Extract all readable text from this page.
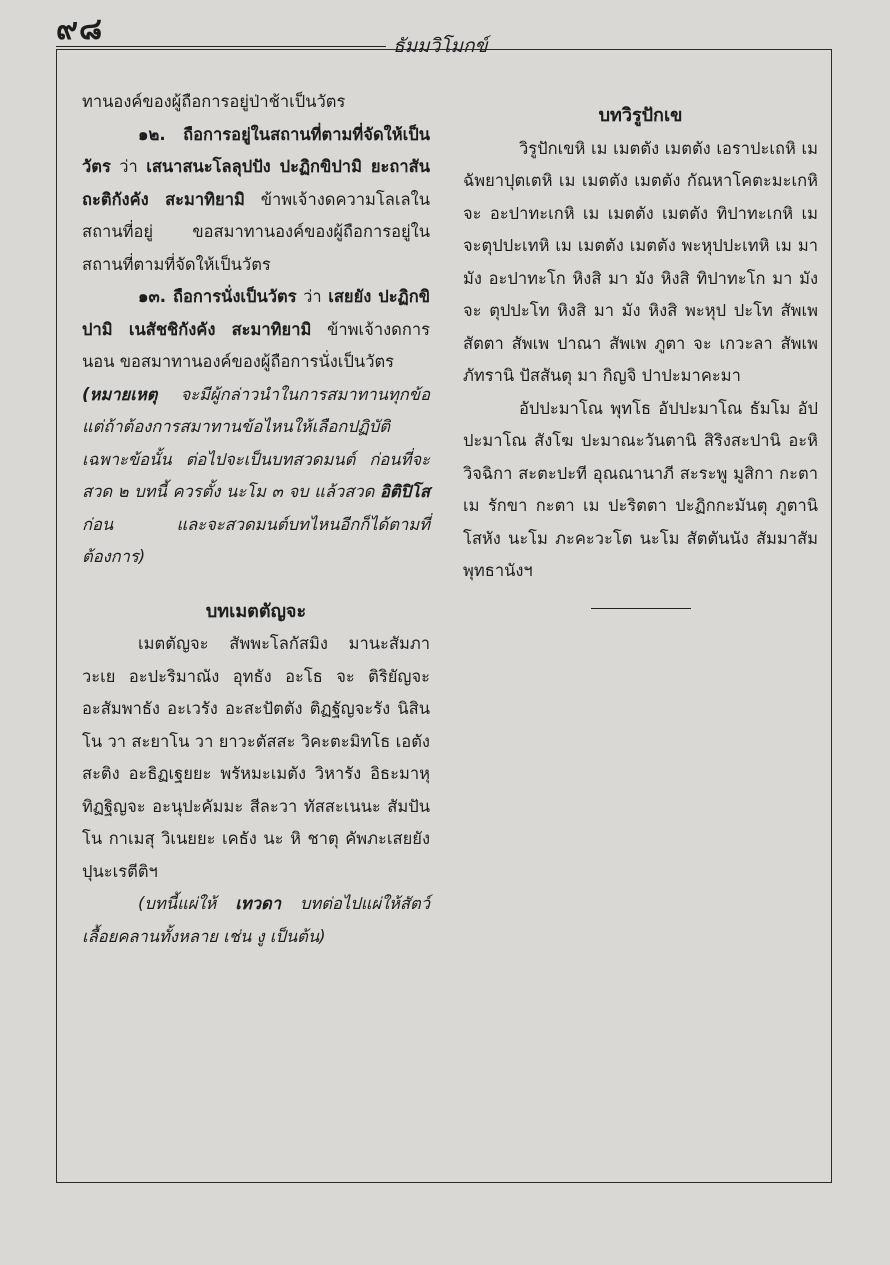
๙๘	ธัมมวิโมกข์

ทานองค์ของผู้ถือการอยู่ป่าช้าเป็นวัตร

๑๒. ถือการอยู่ในสถานที่ตามที่จัดให้เป็นวัตร ว่า เสนาสนะโลลุปปัง ปะฏิกขิปามิ ยะถาสันถะติกังคัง สะมาทิยามิ ข้าพเจ้างดความโลเลในสถานที่อยู่ ขอสมาทานองค์ของผู้ถือการอยู่ในสถานที่ตามที่จัดให้เป็นวัตร

๑๓. ถือการนั่งเป็นวัตร ว่า เสยยัง ปะฏิกขิปามิ เนสัชชิกังคัง สะมาทิยามิ ข้าพเจ้างดการนอน ขอสมาทานองค์ของผู้ถือการนั่งเป็นวัตร

(หมายเหตุ จะมีผู้กล่าวนำในการสมาทานทุกข้อ แต่ถ้าต้องการสมาทานข้อไหนให้เลือกปฏิบัติเฉพาะข้อนั้น ต่อไปจะเป็นบทสวดมนต์ ก่อนที่จะสวด ๒ บทนี้ ควรตั้ง นะโม ๓ จบ แล้วสวด อิติปิโส ก่อน และจะสวดมนต์บทไหนอีกก็ได้ตามที่ต้องการ)

บทเมตตัญจะ

เมตตัญจะ สัพพะโลกัสมิง มานะสัมภาวะเย อะปะริมาณัง อุทธัง อะโธ จะ ติริยัญจะ อะสัมพาธัง อะเวรัง อะสะปัตตัง ติฏฐัญจะรัง นิสินโน วา สะยาโน วา ยาวะตัสสะ วิคะตะมิทโธ เอตัง สะติง อะธิฏเฐยยะ พรัหมะเมตัง วิหารัง อิธะมาหุ ทิฏฐิญจะ อะนุปะคัมมะ สีละวา ทัสสะเนนะ สัมปันโน กาเมสุ วิเนยยะ เคธัง นะ หิ ชาตุ คัพภะเสยยัง ปุนะเรตีติฯ

(บทนี้แผ่ให้ เทวดา บทต่อไปแผ่ให้สัตว์เลื้อยคลานทั้งหลาย เช่น งู เป็นต้น)

บทวิรูปักเข

วิรูปักเขหิ เม เมตตัง เมตตัง เอราปะเถหิ เม ฉัพยาปุตเตหิ เม เมตตัง เมตตัง กัณหาโคตะมะเกหิ จะ อะปาทะเกหิ เม เมตตัง เมตตัง ทิปาทะเกหิ เม จะตุปปะเทหิ เม เมตตัง เมตตัง พะหุปปะเทหิ เม มา มัง อะปาทะโก หิงสิ มา มัง หิงสิ ทิปาทะโก มา มัง จะ ตุปปะโท หิงสิ มา มัง หิงสิ พะหุป ปะโท สัพเพ สัตตา สัพเพ ปาณา สัพเพ ภูตา จะ เกวะลา สัพเพ ภัทรานิ ปัสสันตุ มา กิญจิ ปาปะมาคะมา

อัปปะมาโณ พุทโธ อัปปะมาโณ ธัมโม อัปปะมาโณ สังโฆ ปะมาณะวันตานิ สิริงสะปานิ อะหิ วิจฉิกา สะตะปะที อุณณานาภี สะระพู มูสิกา กะตา เม รักขา กะตา เม ปะริตตา ปะฏิกกะมันตุ ภูตานิ โสหัง นะโม ภะคะวะโต นะโม สัตตันนัง สัมมาสัมพุทธานังฯ
